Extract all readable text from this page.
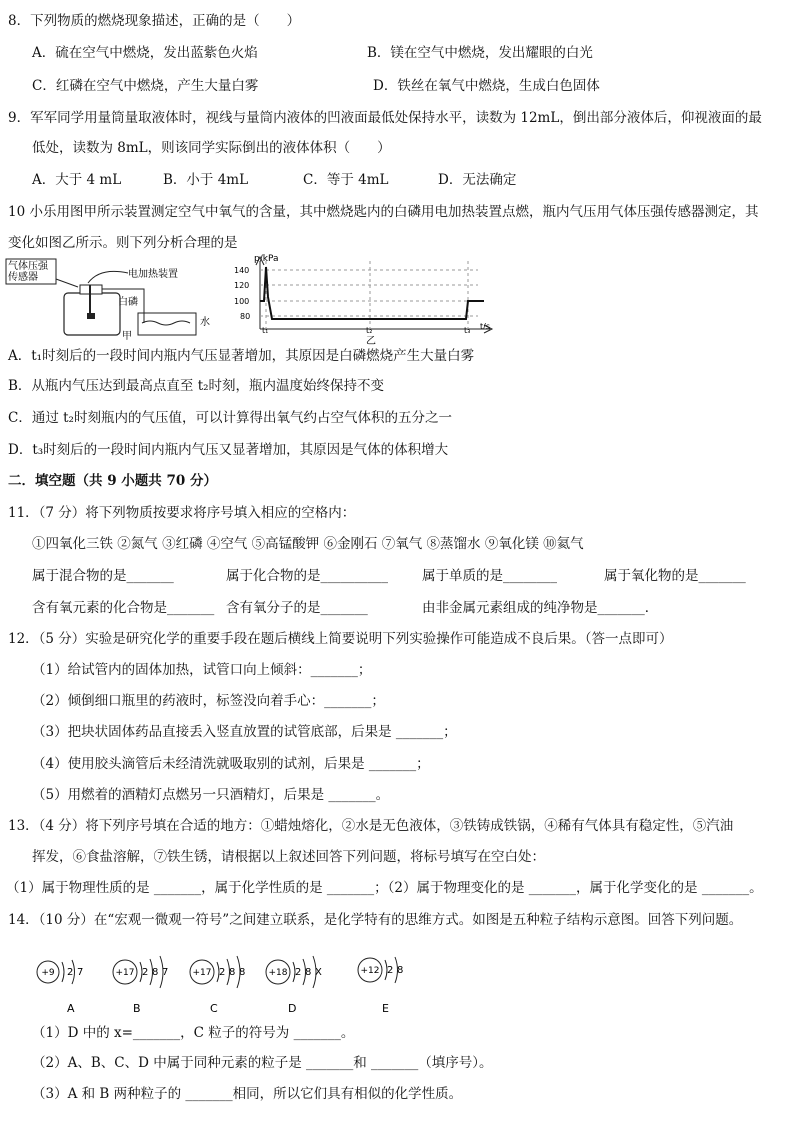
8．下列物质的燃烧现象描述，正确的是（　　）
A．硫在空气中燃烧，发出蓝紫色火焰	B．镁在空气中燃烧，发出耀眼的白光
C．红磷在空气中燃烧，产生大量白雾	D．铁丝在氧气中燃烧，生成白色固体
9．军军同学用量筒量取液体时，视线与量筒内液体的凹液面最低处保持水平，读数为 12mL，倒出部分液体后，仰视液面的最
低处，读数为 8mL，则该同学实际倒出的液体体积（　　）
A．大于 4 mL	B．小于 4mL	C．等于 4mL	D．无法确定
10 小乐用图甲所示装置测定空气中氧气的含量，其中燃烧匙内的白磷用电加热装置点燃，瓶内气压用气体压强传感器测定，其
变化如图乙所示。则下列分析合理的是
气体压强
传感器	电加热装置
白磷
水
甲
p/kPa
t/s
140
120
100
80
t₁	t₂	t₃
乙
A．t₁时刻后的一段时间内瓶内气压显著增加，其原因是白磷燃烧产生大量白雾
B．从瓶内气压达到最高点直至 t₂时刻，瓶内温度始终保持不变
C．通过 t₂时刻瓶内的气压值，可以计算得出氧气约占空气体积的五分之一
D．t₃时刻后的一段时间内瓶内气压又显著增加，其原因是气体的体积增大
二．填空题（共 9 小题共 70 分）
11．（7 分）将下列物质按要求将序号填入相应的空格内：
①四氧化三铁 ②氮气 ③红磷 ④空气 ⑤高锰酸钾 ⑥金刚石 ⑦氧气 ⑧蒸馏水 ⑨氧化镁 ⑩氦气
属于混合物的是_______	属于化合物的是__________	属于单质的是________	属于氧化物的是_______
含有氧元素的化合物是_______ 含有氧分子的是_______	由非金属元素组成的纯净物是_______．
12．（5 分）实验是研究化学的重要手段在题后横线上简要说明下列实验操作可能造成不良后果。（答一点即可）
（1）给试管内的固体加热，试管口向上倾斜：_______；
（2）倾倒细口瓶里的药液时，标签没向着手心：_______；
（3）把块状固体药品直接丢入竖直放置的试管底部，后果是 _______；
（4）使用胶头滴管后未经清洗就吸取别的试剂，后果是 _______；
（5）用燃着的酒精灯点燃另一只酒精灯，后果是 _______。
13．（4 分）将下列序号填在合适的地方：①蜡烛熔化，②水是无色液体，③铁铸成铁锅，④稀有气体具有稳定性，⑤汽油
挥发，⑥食盐溶解，⑦铁生锈，请根据以上叙述回答下列问题，将标号填写在空白处：
（1）属于物理性质的是 _______，属于化学性质的是 _______；（2）属于物理变化的是 _______，属于化学变化的是 _______。
14．（10 分）在“宏观一微观一符号”之间建立联系，是化学特有的思维方式。如图是五种粒子结构示意图。回答下列问题。
+9 2 7
A
+17 2 8 7
B
+17 2 8 8
C
+18 2 8 X
D
+12 2 8
E
（1）D 中的 x=_______，C 粒子的符号为 _______。
（2）A、B、C、D 中属于同种元素的粒子是 _______和 _______（填序号）。
（3）A 和 B 两种粒子的 _______相同，所以它们具有相似的化学性质。
